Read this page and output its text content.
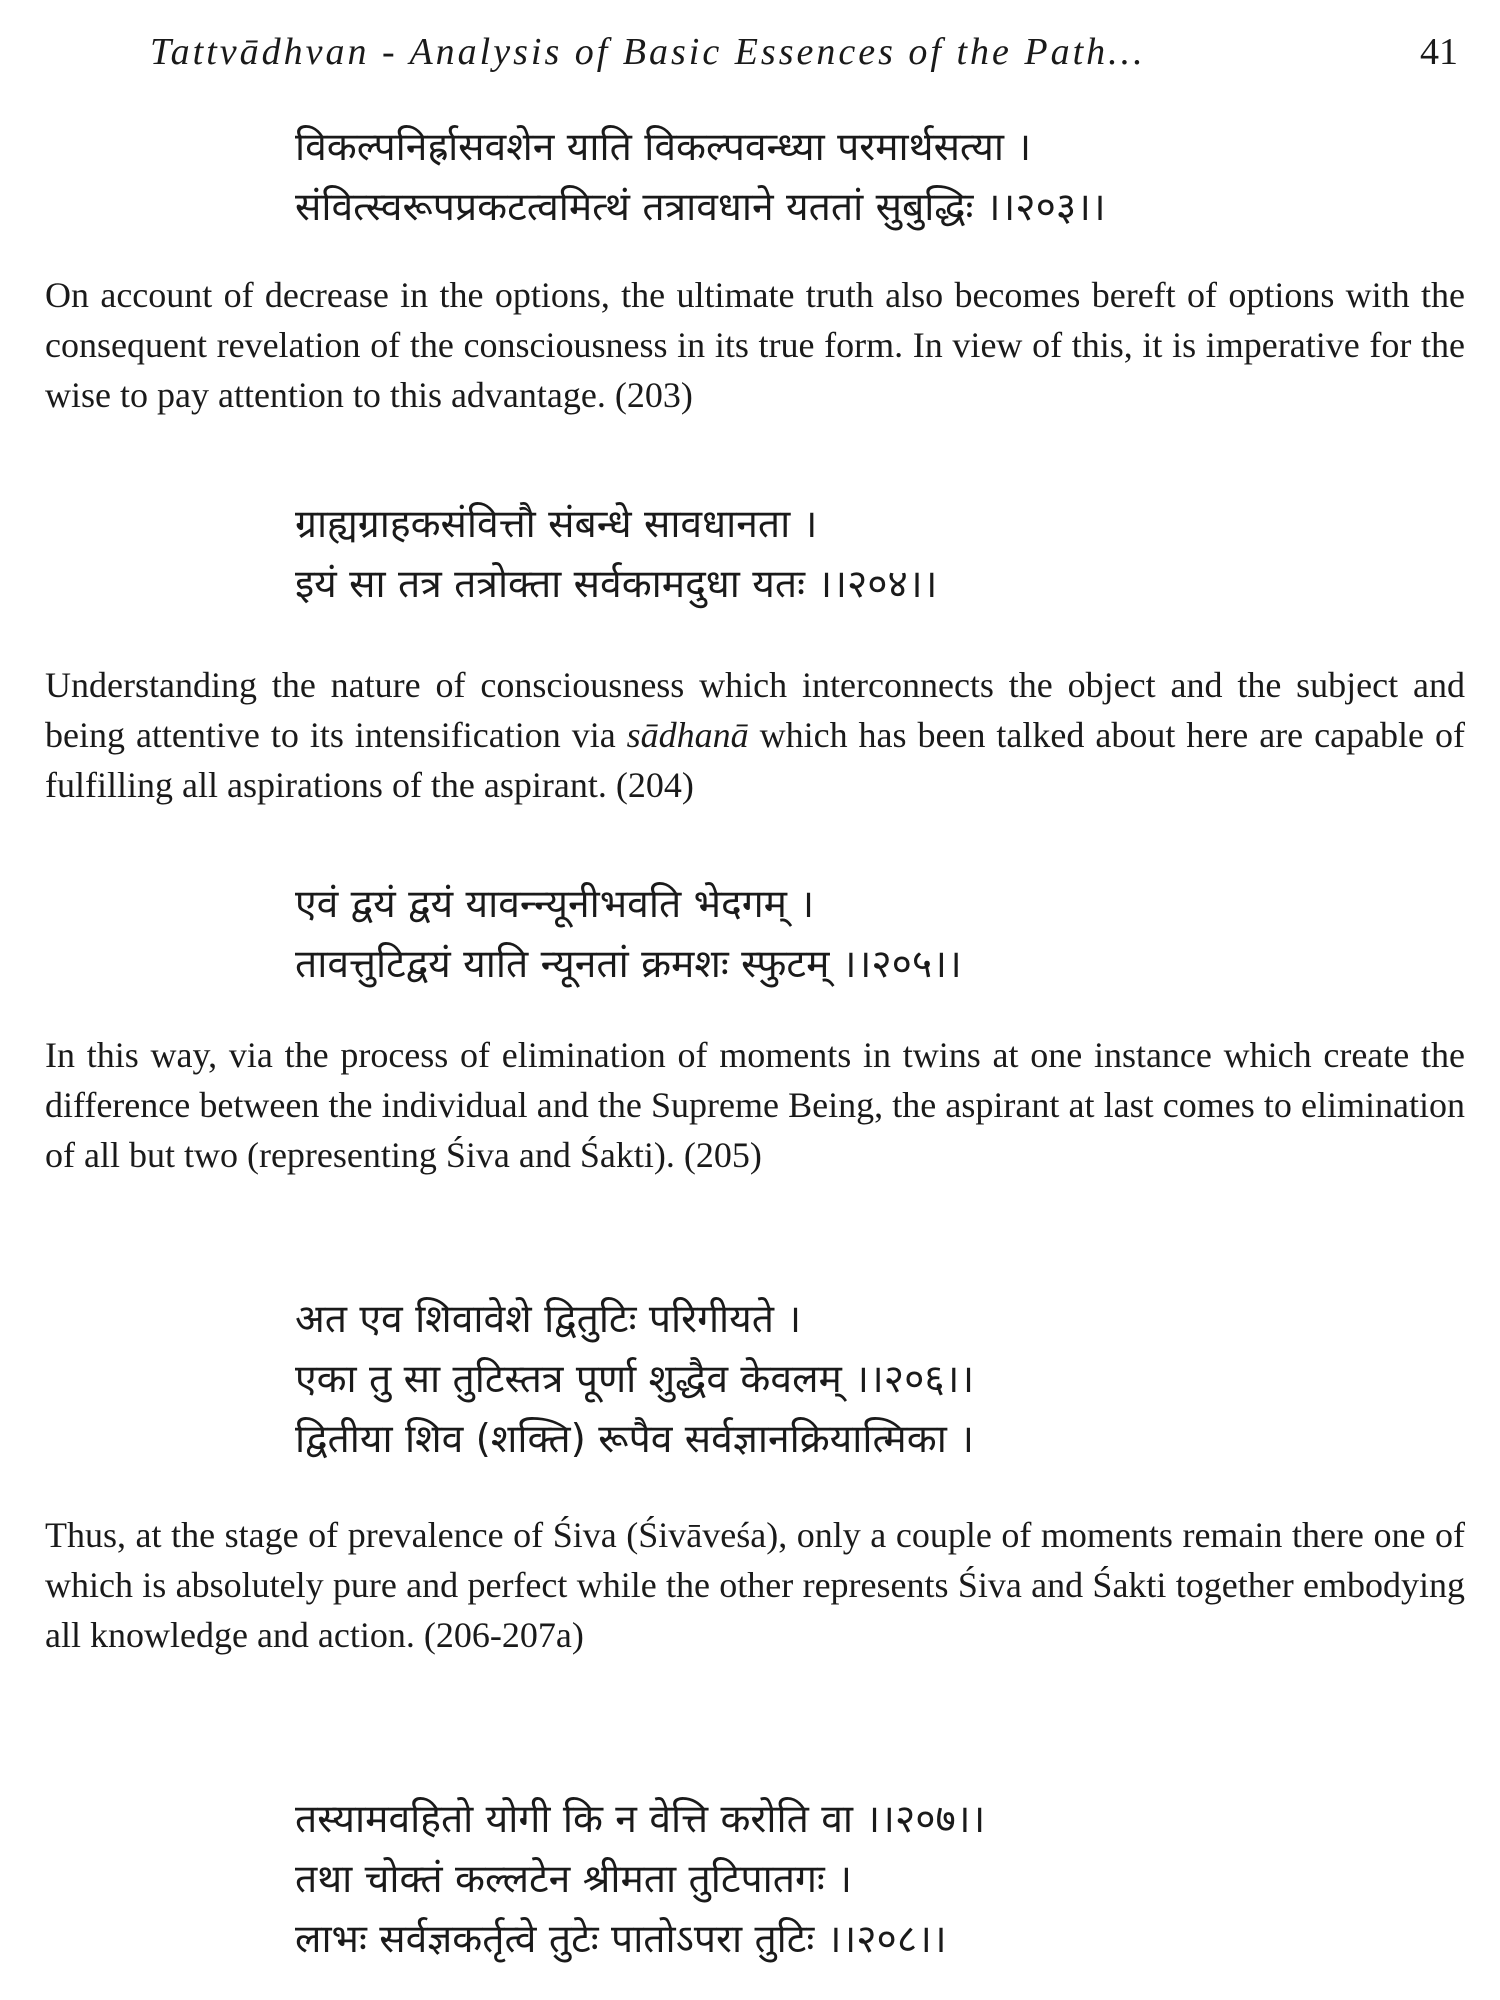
Tattvādhvan - Analysis of Basic Essences of the Path...	41
विकल्पनिर्ह्रासवशेन याति विकल्पवन्ध्या परमार्थसत्या ।
संवित्स्वरूपप्रकटत्वमित्थं तत्रावधाने यततां सुबुद्धिः ।।२०३।।

On account of decrease in the options, the ultimate truth also becomes bereft of options with the consequent revelation of the consciousness in its true form. In view of this, it is imperative for the wise to pay attention to this advantage. (203)

ग्राह्यग्राहकसंवित्तौ संबन्धे सावधानता ।
इयं सा तत्र तत्रोक्ता सर्वकामदुधा यतः ।।२०४।।

Understanding the nature of consciousness which interconnects the object and the subject and being attentive to its intensification via sādhanā which has been talked about here are capable of fulfilling all aspirations of the aspirant. (204)

एवं द्वयं द्वयं यावन्न्यूनीभवति भेदगम् ।
तावत्तुटिद्वयं याति न्यूनतां क्रमशः स्फुटम् ।।२०५।।

In this way, via the process of elimination of moments in twins at one instance which create the difference between the individual and the Supreme Being, the aspirant at last comes to elimination of all but two (representing Śiva and Śakti). (205)

अत एव शिवावेशे द्वितुटिः परिगीयते ।
एका तु सा तुटिस्तत्र पूर्णा शुद्धैव केवलम् ।।२०६।।
द्वितीया शिव (शक्ति) रूपैव सर्वज्ञानक्रियात्मिका ।

Thus, at the stage of prevalence of Śiva (Śivāveśa), only a couple of moments remain there one of which is absolutely pure and perfect while the other represents Śiva and Śakti together embodying all knowledge and action. (206-207a)

तस्यामवहितो योगी कि न वेत्ति करोति वा ।।२०७।।
तथा चोक्तं कल्लटेन श्रीमता तुटिपातगः ।
लाभः सर्वज्ञकर्तृत्वे तुटेः पातोऽपरा तुटिः ।।२०८।।
